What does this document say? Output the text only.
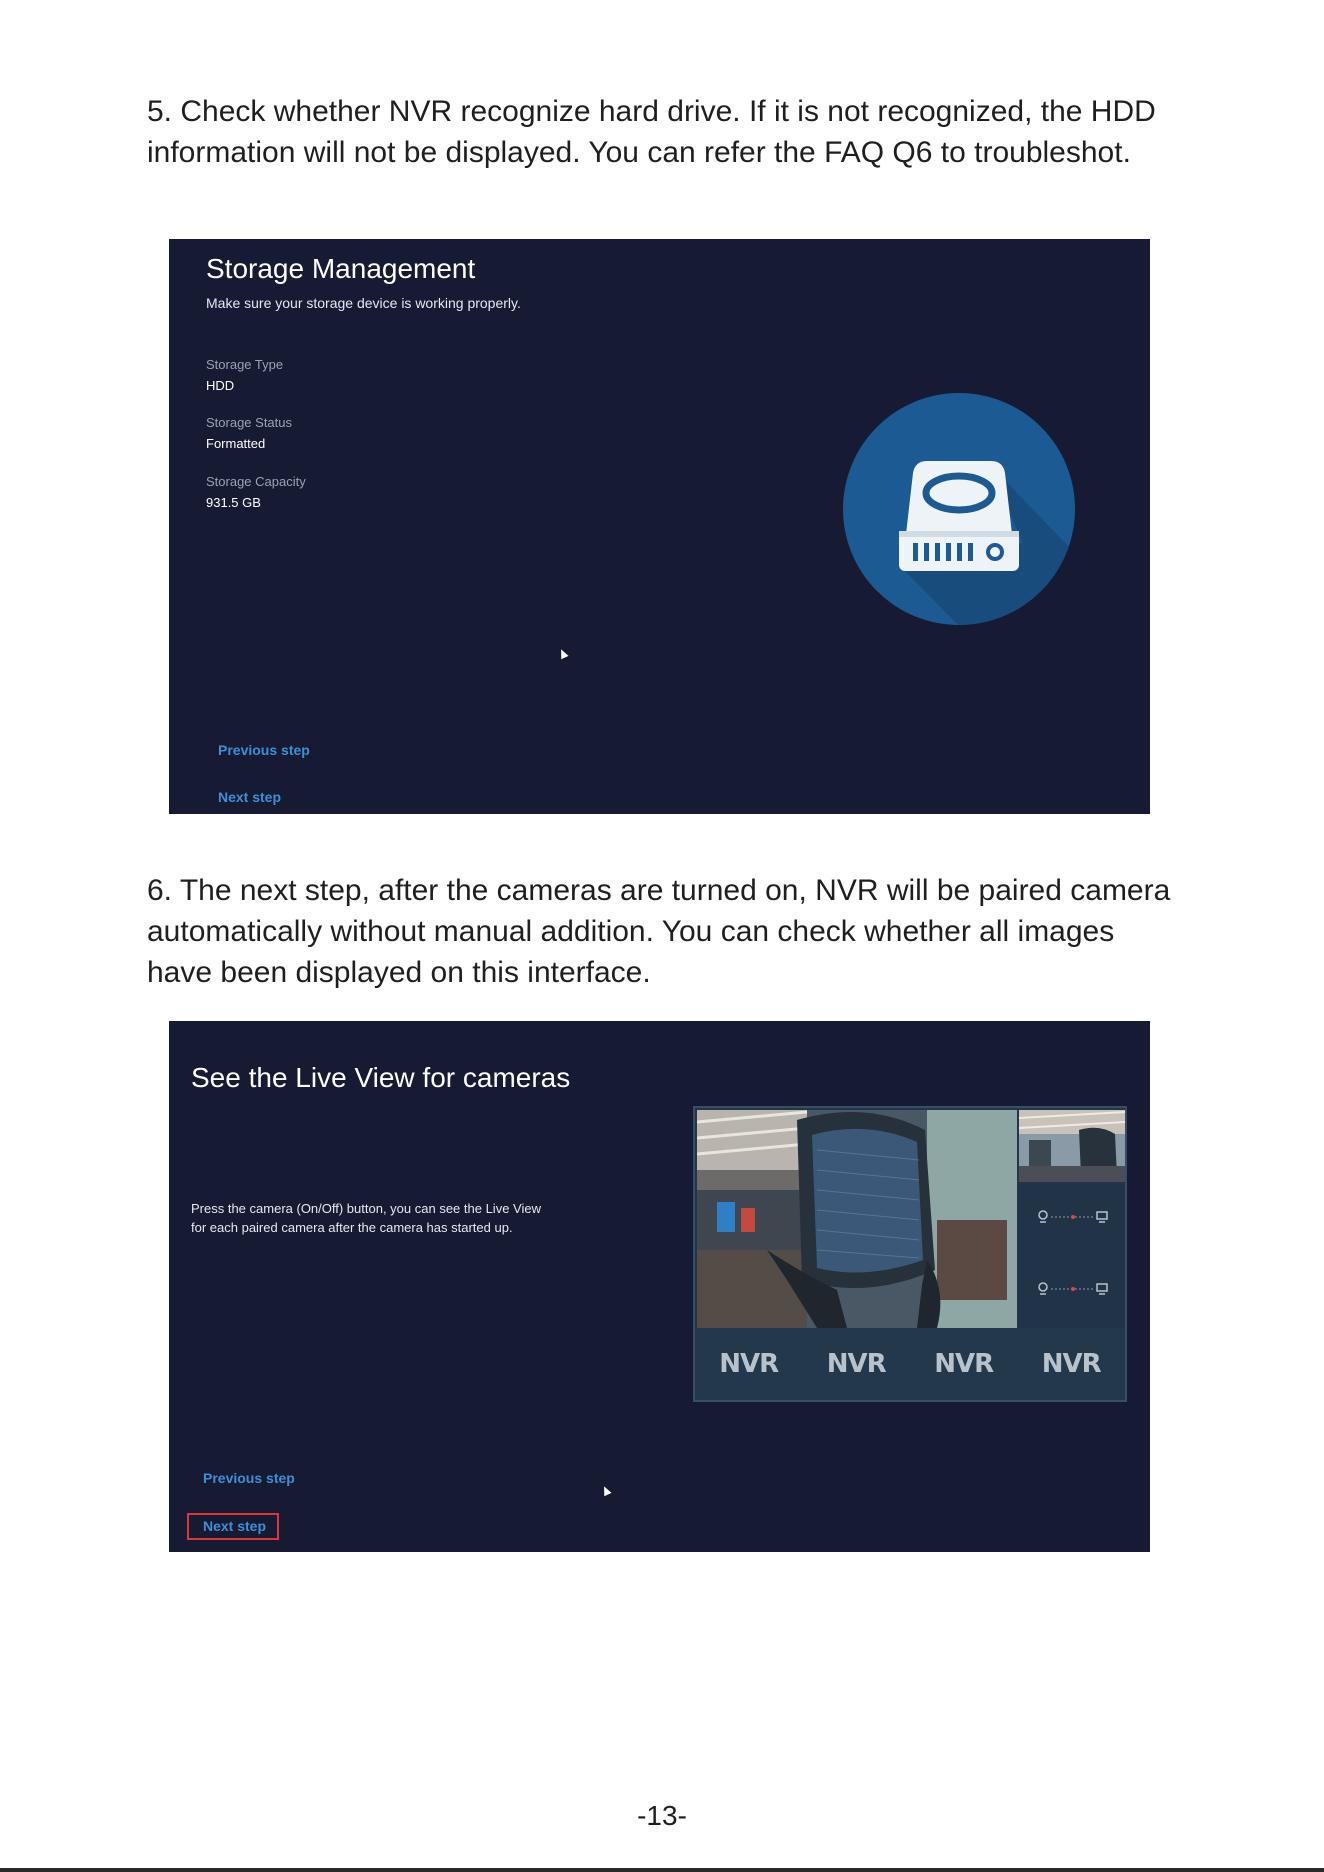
5. Check whether NVR recognize hard drive. If it is not recognized, the HDD information will not be displayed. You can refer the FAQ Q6 to troubleshot.

Storage Management
Make sure your storage device is working properly.
Storage Type
HDD
Storage Status
Formatted
Storage Capacity
931.5 GB
Previous step
Next step

6. The next step, after the cameras are turned on, NVR will be paired camera automatically without manual addition. You can check whether all images have been displayed on this interface.

See the Live View for cameras
Press the camera (On/Off) button, you can see the Live View
for each paired camera after the camera has started up.
NVR NVR NVR NVR
Previous step
Next step
-13-
